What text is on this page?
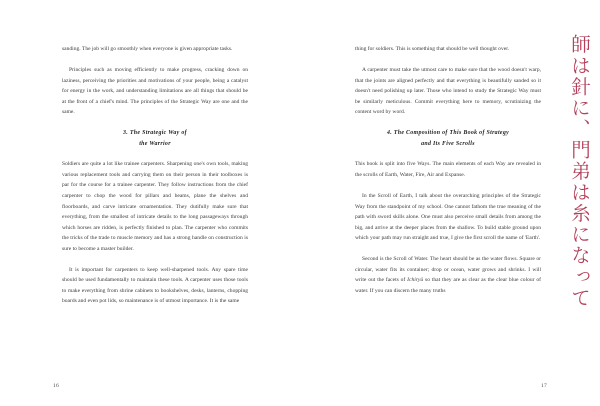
sanding. The job will go smoothly when everyone is given appropriate tasks.

Principles such as moving efficiently to make progress, cracking down on laziness, perceiving the priorities and motivations of your people, being a catalyst for energy in the work, and understanding limitations are all things that should be at the front of a chief's mind. The principles of the Strategic Way are one and the same.

3. The Strategic Way of
the Warrior

Soldiers are quite a lot like trainee carpenters. Sharpening one's own tools, making various replacement tools and carrying them on their person in their toolboxes is par for the course for a trainee carpenter. They follow instructions from the chief carpenter to chop the wood for pillars and beams, plane the shelves and floorboards, and carve intricate ornamentation. They dutifully make sure that everything, from the smallest of intricate details to the long passageways through which horses are ridden, is perfectly finished to plan. The carpenter who commits the tricks of the trade to muscle memory and has a strong handle on construction is sure to become a master builder.

It is important for carpenters to keep well-sharpened tools. Any spare time should be used fundamentally to maintain these tools. A carpenter uses those tools to make everything from shrine cabinets to bookshelves, desks, lanterns, chopping boards and even pot lids, so maintenance is of utmost importance. It is the same

16

thing for soldiers. This is something that should be well thought over.

A carpenter must take the utmost care to make sure that the wood doesn't warp, that the joints are aligned perfectly and that everything is beautifully sanded so it doesn't need polishing up later. Those who intend to study the Strategic Way must be similarly meticulous. Commit everything here to memory, scrutinizing the content word by word.

4. The Composition of This Book of Strategy
and Its Five Scrolls

This book is split into five Ways. The main elements of each Way are revealed in the scrolls of Earth, Water, Fire, Air and Expanse.

In the Scroll of Earth, I talk about the overarching principles of the Strategic Way from the standpoint of my school. One cannot fathom the true meaning of the path with sword skills alone. One must also perceive small details from among the big, and arrive at the deeper places from the shallow. To build stable ground upon which your path may run straight and true, I give the first scroll the name of 'Earth'.

Second is the Scroll of Water. The heart should be as the water flows. Square or circular, water fits its container; drop or ocean, water grows and shrinks. I will write out the facets of Ichiryū so that they are as clear as the clear blue colour of water. If you can discern the many truths

17
師は針に、門弟は糸になって
